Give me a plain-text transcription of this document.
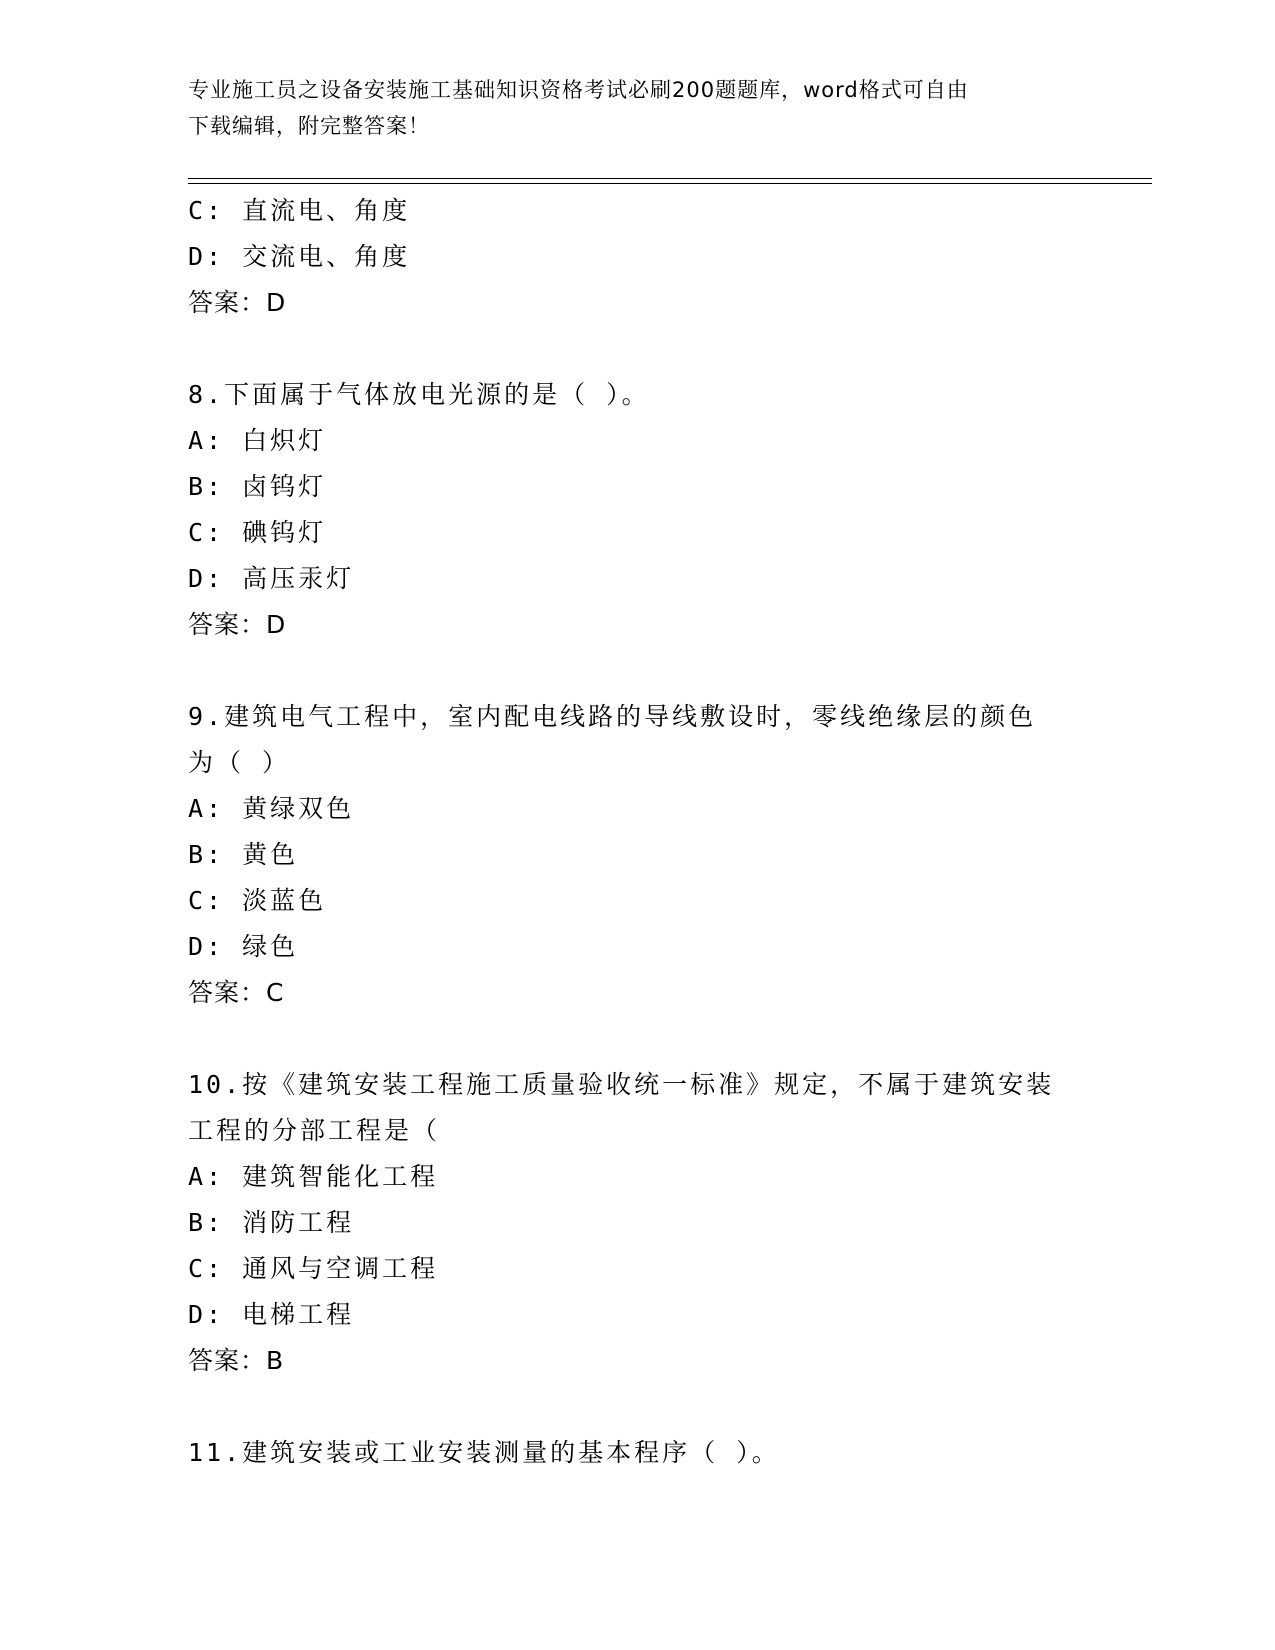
专业施工员之设备安装施工基础知识资格考试必刷200题题库，word格式可自由
下载编辑，附完整答案！
C: 直流电、角度
D: 交流电、角度
答案：D
8.下面属于气体放电光源的是（ ）。
A: 白炽灯
B: 卤钨灯
C: 碘钨灯
D: 高压汞灯
答案：D
9.建筑电气工程中，室内配电线路的导线敷设时，零线绝缘层的颜色
为（ ）
A: 黄绿双色
B: 黄色
C: 淡蓝色
D: 绿色
答案：C
10.按《建筑安装工程施工质量验收统一标准》规定，不属于建筑安装
工程的分部工程是（
A: 建筑智能化工程
B: 消防工程
C: 通风与空调工程
D: 电梯工程
答案：B
11.建筑安装或工业安装测量的基本程序（ ）。
